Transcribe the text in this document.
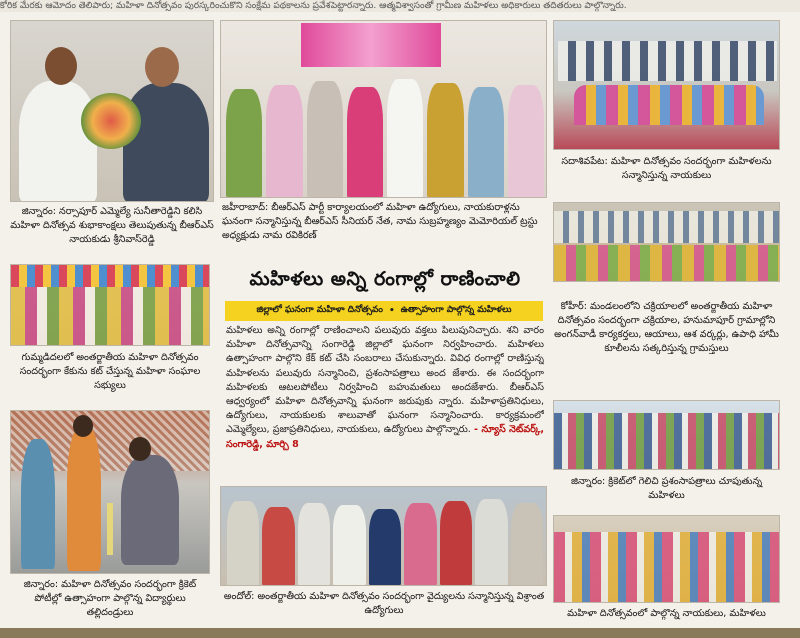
కోరిక మేరకు ఆమోదం తెలిపారు; మహిళా దినోత్సవం పురస్కరించుకొని సంక్షేమ పథకాలను ప్రవేశపెట్టారన్నారు. ఆత్మవిశ్వాసంతో గ్రామీణ మహిళలు అధికారులు తదితరులు పాల్గొన్నారు.
జిన్నారం: నర్సాపూర్ ఎమ్మెల్యే సునీతారెడ్డిని కలిసి మహిళా దినోత్సవ శుభాకాంక్షలు తెలుపుతున్న బీఆర్ఎస్ నాయకుడు శ్రీనివాస్‌రెడ్డి
జహీరాబాద్: బీఆర్ఎస్ పార్టీ కార్యాలయంలో మహిళా ఉద్యోగులు, నాయకురాళ్లను ఘనంగా సన్మానిస్తున్న బీఆర్ఎస్ సీనియర్ నేత, నామ సుబ్రహ్మణ్యం మెమోరియల్ ట్రస్టు అధ్యక్షుడు నామ రవికిరణ్
సదాశివపేట: మహిళా దినోత్సవం సందర్భంగా మహిళలను సన్మానిస్తున్న నాయకులు
గుమ్మడిదలలో అంతర్జాతీయ మహిళా దినోత్సవం సందర్భంగా కేకును కట్ చేస్తున్న మహిళా సంఘాల సభ్యులు
మహిళలు అన్ని రంగాల్లో రాణించాలి
జిల్లాలో ఘనంగా మహిళా దినోత్సవం • ఉత్సాహంగా పాల్గొన్న మహిళలు
మహిళలు అన్ని రంగాల్లో రాణించాలని పలువురు వక్తలు పిలుపునిచ్చారు. శని వారం మహిళా దినోత్సవాన్ని సంగారెడ్డి జిల్లాలో ఘనంగా నిర్వహించారు. మహిళలు ఉత్సాహంగా పాల్గొని కేక్ కట్ చేసి సంబరాలు చేసుకున్నారు. వివిధ రంగాల్లో రాణిస్తున్న మహిళలను పలువురు సన్మానించి, ప్రశంసాపత్రాలు అంద జేశారు. ఈ సందర్భంగా మహిళలకు ఆటలపోటీలు నిర్వహించి బహుమతులు అందజేశారు. బీఆర్ఎస్ ఆధ్వర్యంలో మహిళా దినోత్సవాన్ని ఘనంగా జరుపుకు న్నారు. మహిళాప్రతినిధులు, ఉద్యోగులు, నాయకులకు శాలువాతో ఘనంగా సన్మానించారు. కార్యక్రమంలో ఎమ్మెల్యేలు, ప్రజాప్రతినిధులు, నాయకులు, ఉద్యోగులు పాల్గొన్నారు. - న్యూస్ నెట్‌వర్క్, సంగారెడ్డి, మార్చి 8
కోహీర్: మండలంలోని చక్రియాలలో అంతర్జాతీయ మహిళా దినోత్సవం సందర్భంగా చక్రియాల, హనుమాపూర్ గ్రామాల్లోని అంగన్‌వాడీ కార్యకర్తలు, ఆయాలు, ఆశ వర్కర్లు, ఉపాధి హామీ కూలీలను సత్కరిస్తున్న గ్రామస్తులు
జిన్నారం: మహిళా దినోత్సవం సందర్భంగా క్రికెట్ పోటీల్లో ఉత్సాహంగా పాల్గొన్న విద్యార్థులు తల్లిదండ్రులు
జిన్నారం: క్రికెట్‌లో గెలిచి ప్రశంసాపత్రాలు చూపుతున్న మహిళలు
అందోల్: అంతర్జాతీయ మహిళా దినోత్సవం సందర్భంగా వైద్యులను సన్మానిస్తున్న విశ్రాంత ఉద్యోగులు	మహిళా దినోత్సవంలో పాల్గొన్న నాయకులు, మహిళలు
